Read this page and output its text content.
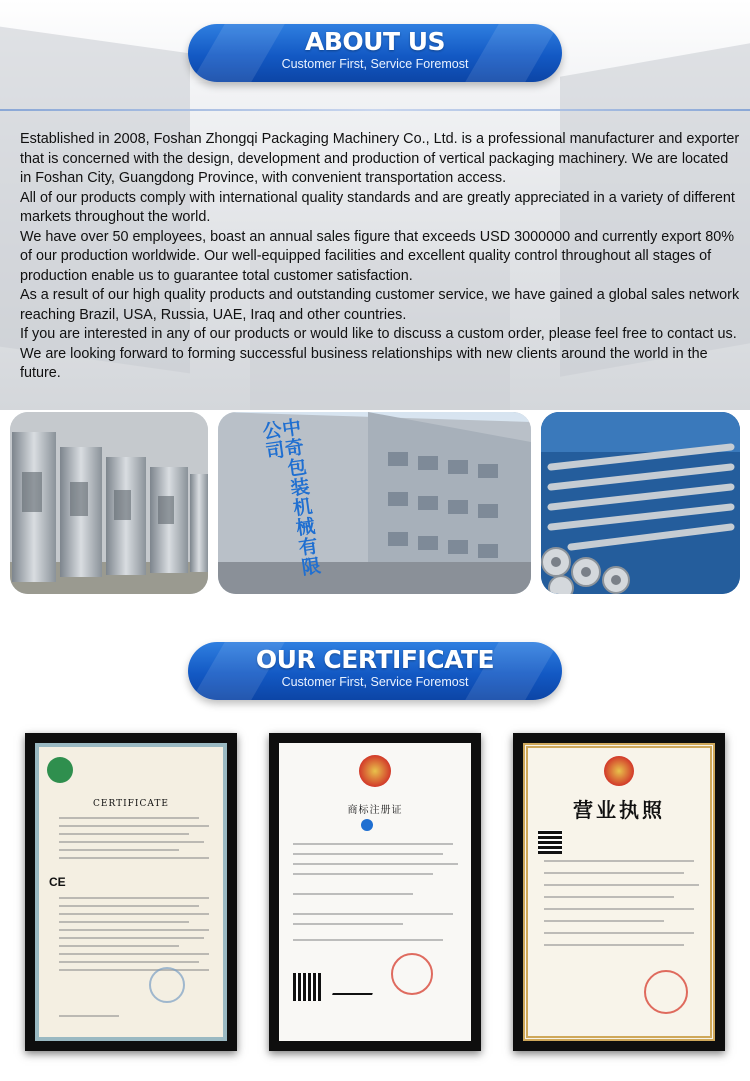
ABOUT US
Customer First, Service Foremost

Established in 2008, Foshan Zhongqi Packaging Machinery Co., Ltd. is a professional manufacturer and exporter that is concerned with the design, development and production of vertical packaging machinery. We are located in Foshan City, Guangdong Province, with convenient transportation access.

All of our products comply with international quality standards and are greatly appreciated in a variety of different markets throughout the world.

We have over 50 employees, boast an annual sales figure that exceeds USD 3000000 and currently export 80% of our production worldwide. Our well-equipped facilities and excellent quality control throughout all stages of production enable us to guarantee total customer satisfaction.

As a result of our high quality products and outstanding customer service, we have gained a global sales network reaching Brazil, USA, Russia, UAE, Iraq and other countries.

If you are interested in any of our products or would like to discuss a custom order, please feel free to contact us. We are looking forward to forming successful business relationships with new clients around the world in the future.

中奇包装机械有限公司
OUR CERTIFICATE
Customer First, Service Foremost
CERTIFICATE
CE
商标注册证	营业执照
